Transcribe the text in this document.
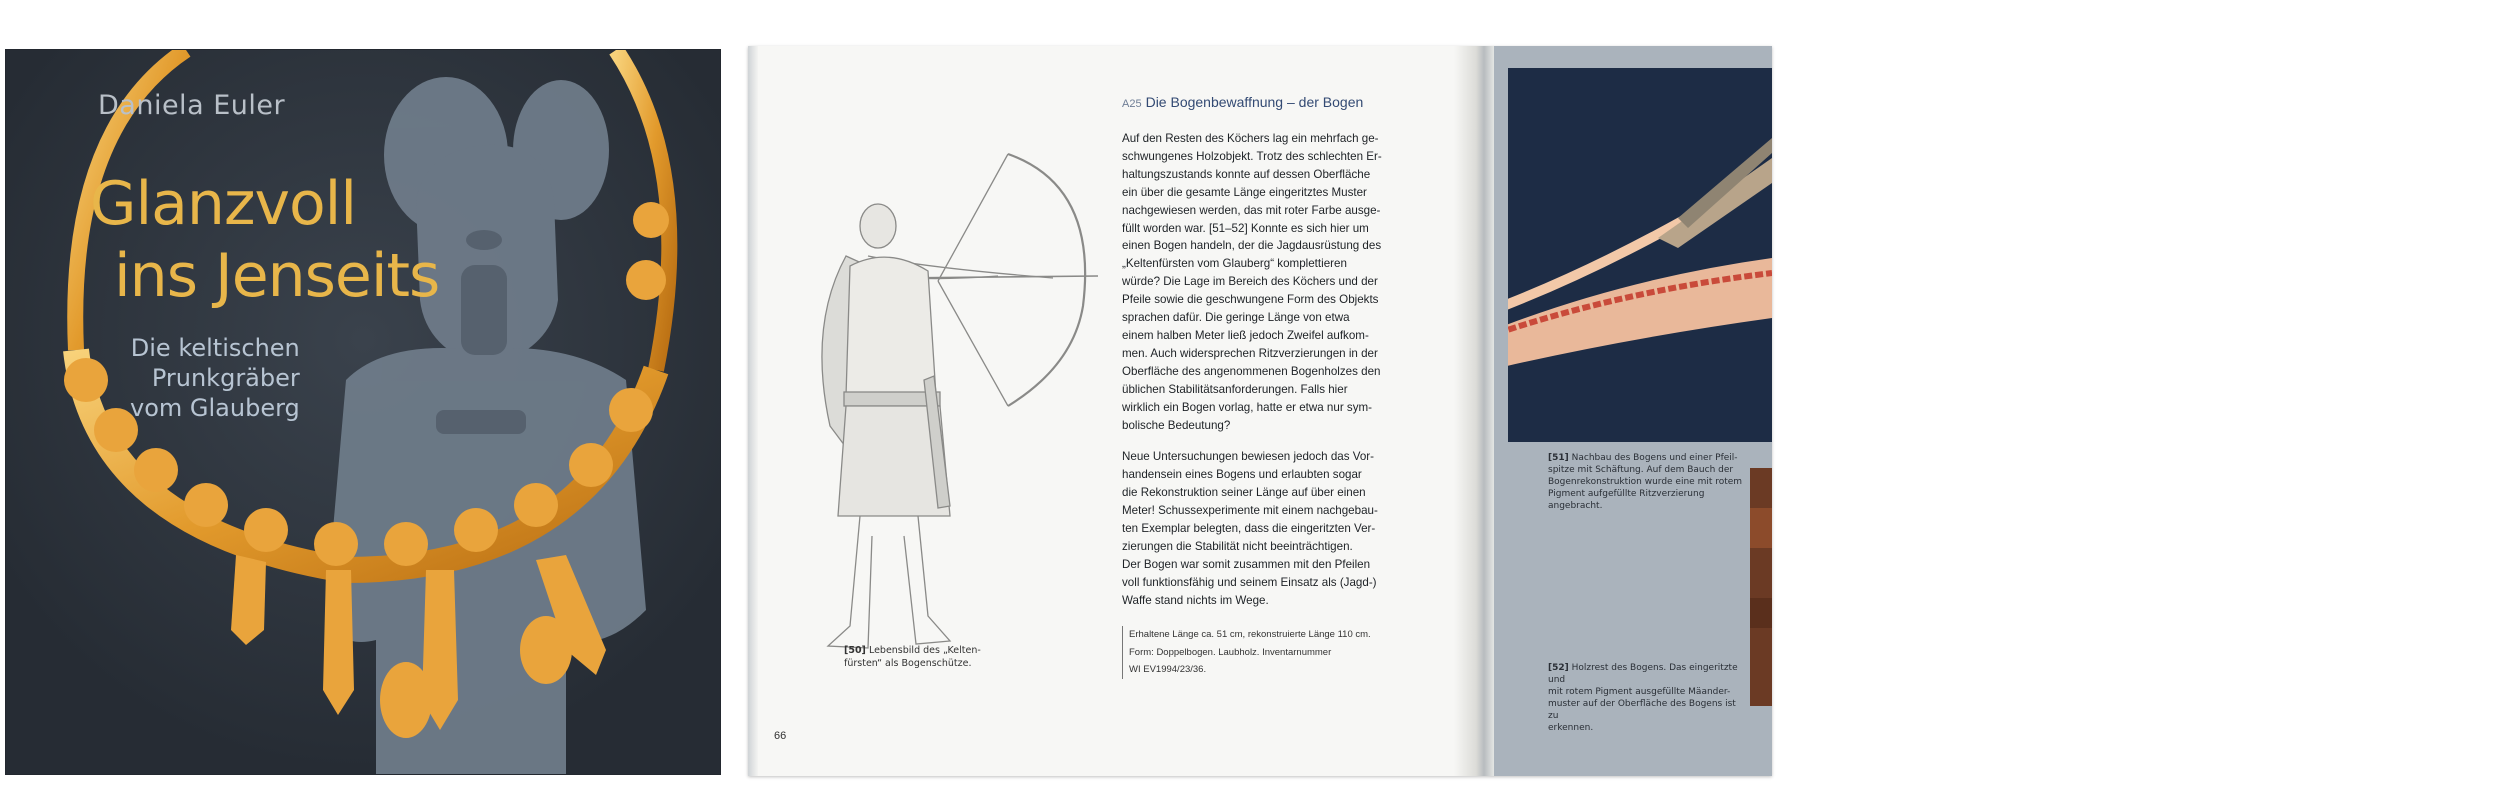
Daniela Euler
Glanzvoll
ins Jenseits
Die keltischen
Prunkgräber
vom Glauberg
[50] Lebensbild des „Kelten-
fürsten“ als Bogenschütze.
A25 Die Bogenbewaffnung – der Bogen

Auf den Resten des Köchers lag ein mehrfach ge-
schwungenes Holzobjekt. Trotz des schlechten Er-
haltungszustands konnte auf dessen Oberfläche
ein über die gesamte Länge eingeritztes Muster
nachgewiesen werden, das mit roter Farbe ausge-
füllt worden war. [51–52] Konnte es sich hier um
einen Bogen handeln, der die Jagdausrüstung des
„Keltenfürsten vom Glauberg“ komplettieren
würde? Die Lage im Bereich des Köchers und der
Pfeile sowie die geschwungene Form des Objekts
sprachen dafür. Die geringe Länge von etwa
einem halben Meter ließ jedoch Zweifel aufkom-
men. Auch widersprechen Ritzverzierungen in der
Oberfläche des angenommenen Bogenholzes den
üblichen Stabilitätsanforderungen. Falls hier
wirklich ein Bogen vorlag, hatte er etwa nur sym-
bolische Bedeutung?

Neue Untersuchungen bewiesen jedoch das Vor-
handensein eines Bogens und erlaubten sogar
die Rekonstruktion seiner Länge auf über einen
Meter! Schussexperimente mit einem nachgebau-
ten Exemplar belegten, dass die eingeritzten Ver-
zierungen die Stabilität nicht beeinträchtigen.
Der Bogen war somit zusammen mit den Pfeilen
voll funktionsfähig und seinem Einsatz als (Jagd-)
Waffe stand nichts im Wege.

Erhaltene Länge ca. 51 cm, rekonstruierte Länge 110 cm.
Form: Doppelbogen. Laubholz. Inventarnummer
WI EV1994/23/36.
66
[51] Nachbau des Bogens und einer Pfeil-
spitze mit Schäftung. Auf dem Bauch der
Bogenrekonstruktion wurde eine mit rotem
Pigment aufgefüllte Ritzverzierung
angebracht.
[52] Holzrest des Bogens. Das eingeritzte und
mit rotem Pigment ausgefüllte Mäander-
muster auf der Oberfläche des Bogens ist zu
erkennen.
